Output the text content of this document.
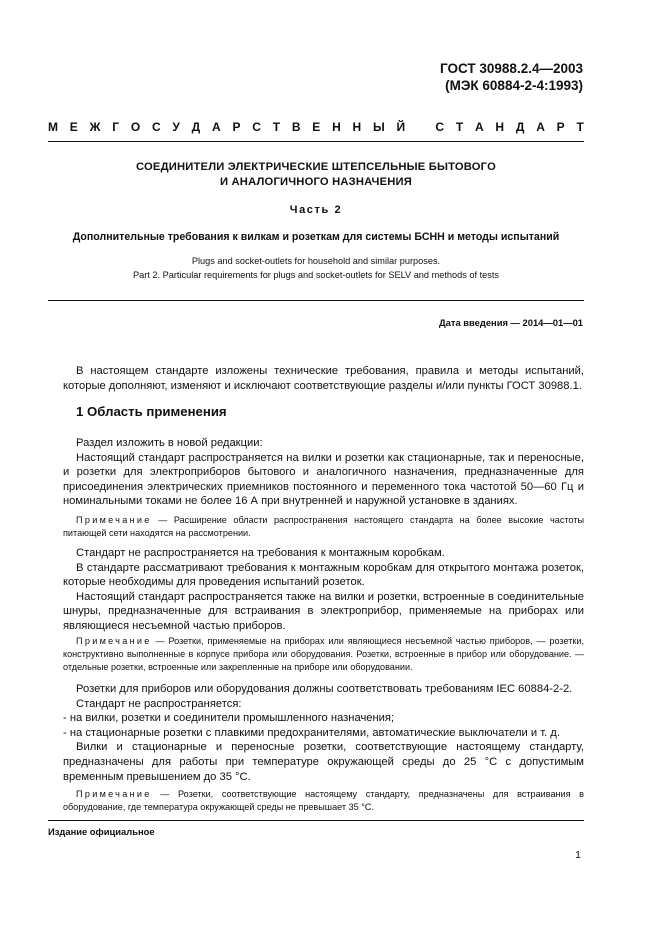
ГОСТ 30988.2.4—2003
(МЭК 60884-2-4:1993)
М Е Ж Г О С У Д А Р С Т В Е Н Н Ы Й
	С Т А Н Д А Р Т
СОЕДИНИТЕЛИ ЭЛЕКТРИЧЕСКИЕ ШТЕПСЕЛЬНЫЕ БЫТОВОГО
И АНАЛОГИЧНОГО НАЗНАЧЕНИЯ
Часть 2
Дополнительные требования к вилкам и розеткам для системы БСНН и методы испытаний
Plugs and socket-outlets for household and similar purposes.
Part 2. Particular requirements for plugs and socket-outlets for SELV and methods of tests
Дата введения — 2014—01—01

В настоящем стандарте изложены технические требования, правила и методы испытаний, которые дополняют, изменяют и исключают соответствующие разделы и/или пункты ГОСТ 30988.1.

1 Область применения

Раздел изложить в новой редакции:

Настоящий стандарт распространяется на вилки и розетки как стационарные, так и переносные, и розетки для электроприборов бытового и аналогичного назначения, предназначенные для присоединения электрических приемников постоянного и переменного тока частотой 50—60 Гц и номинальными токами не более 16 А при внутренней и наружной установке в зданиях.

Примечание — Расширение области распространения настоящего стандарта на более высокие частоты питающей сети находятся на рассмотрении.

Стандарт не распространяется на требования к монтажным коробкам.

В стандарте рассматривают требования к монтажным коробкам для открытого монтажа розеток, которые необходимы для проведения испытаний розеток.

Настоящий стандарт распространяется также на вилки и розетки, встроенные в соединительные шнуры, предназначенные для встраивания в электроприбор, применяемые на приборах или являющиеся несъемной частью приборов.

Примечание — Розетки, применяемые на приборах или являющиеся несъемной частью приборов, — розетки, конструктивно выполненные в корпусе прибора или оборудования. Розетки, встроенные в прибор или оборудование. — отдельные розетки, встроенные или закрепленные на приборе или оборудовании.

Розетки для приборов или оборудования должны соответствовать требованиям IEC 60884-2-2.

Стандарт не распространяется:

- на вилки, розетки и соединители промышленного назначения;

- на стационарные розетки с плавкими предохранителями, автоматические выключатели и т. д.

Вилки и стационарные и переносные розетки, соответствующие настоящему стандарту, предназначены для работы при температуре окружающей среды до 25 °С с допустимым временным превышением до 35 °С.

Примечание — Розетки, соответствующие настоящему стандарту, предназначены для встраивания в оборудование, где температура окружающей среды не превышает 35 °С.

Издание официальное
1
